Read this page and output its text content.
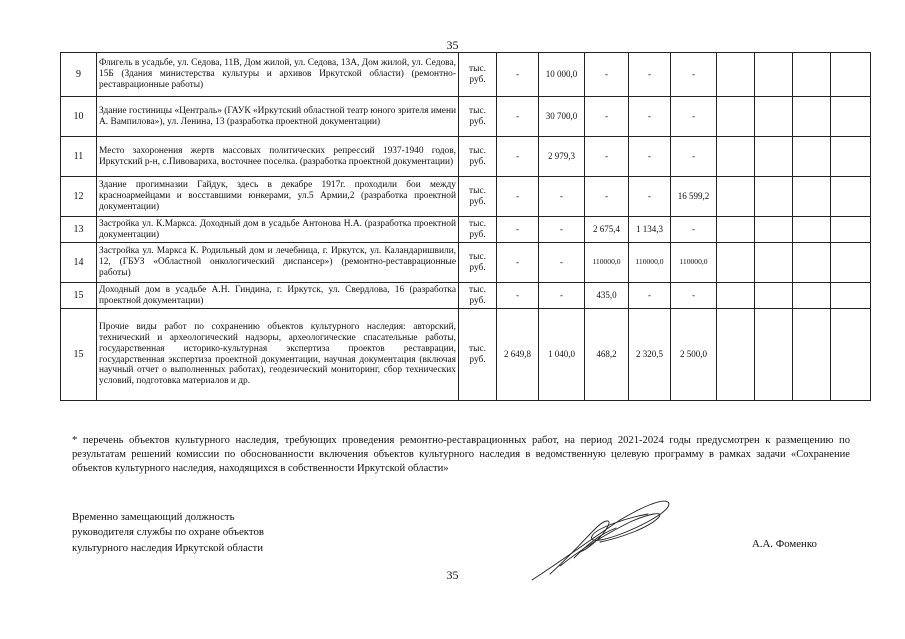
35
9	Флигель в усадьбе, ул. Седова, 11В, Дом жилой, ул. Седова, 13А, Дом жилой, ул. Седова, 15Б (Здания министерства культуры и архивов Иркутской области) (ремонтно-реставрационные работы)	тыс. руб.	-	10 000,0	-	-	-				
10	Здание гостиницы «Централь» (ГАУК «Иркутский областной театр юного зрителя имени А. Вампилова»), ул. Ленина, 13 (разработка проектной документации)	тыс. руб.	-	30 700,0	-	-	-				
11	Место захоронения жертв массовых политических репрессий 1937-1940 годов, Иркутский р-н, с.Пивовариха, восточнее поселка. (разработка проектной документации)	тыс. руб.	-	2 979,3	-	-	-				
12	Здание прогимназии Гайдук, здесь в декабре 1917г. проходили бои между красноармейцами и восставшими юнкерами, ул.5 Армии,2 (разработка проектной документации)	тыс. руб.	-	-	-	-	16 599,2				
13	Застройка ул. К.Маркса. Доходный дом в усадьбе Антонова Н.А. (разработка проектной документации)	тыс. руб.	-	-	2 675,4	1 134,3	-				
14	Застройка ул. Маркса К. Родильный дом и лечебница, г. Иркутск, ул. Каландаришвили, 12, (ГБУЗ «Областной онкологический диспансер») (ремонтно-реставрационные работы)	тыс. руб.	-	-	110000,0	110000,0	110000,0				
15	Доходный дом в усадьбе А.Н. Гиндина, г. Иркутск, ул. Свердлова, 16 (разработка проектной документации)	тыс. руб.	-	-	435,0	-	-				
15	Прочие виды работ по сохранению объектов культурного наследия: авторский, технический и археологический надзоры, археологические спасательные работы, государственная историко-культурная экспертиза проектов реставрации, государственная экспертиза проектной документации, научная документация (включая научный отчет о выполненных работах), геодезический мониторинг, сбор технических условий, подготовка материалов и др.	тыс. руб.	2 649,8	1 040,0	468,2	2 320,5	2 500,0				
* перечень объектов культурного наследия, требующих проведения ремонтно-реставрационных работ, на период 2021-2024 годы предусмотрен к размещению по результатам решений комиссии по обоснованности включения объектов культурного наследия в ведомственную целевую программу в рамках задачи «Сохранение объектов культурного наследия, находящихся в собственности Иркутской области»
Временно замещающий должность
руководителя службы по охране объектов
культурного наследия Иркутской области	А.А. Фоменко
35
